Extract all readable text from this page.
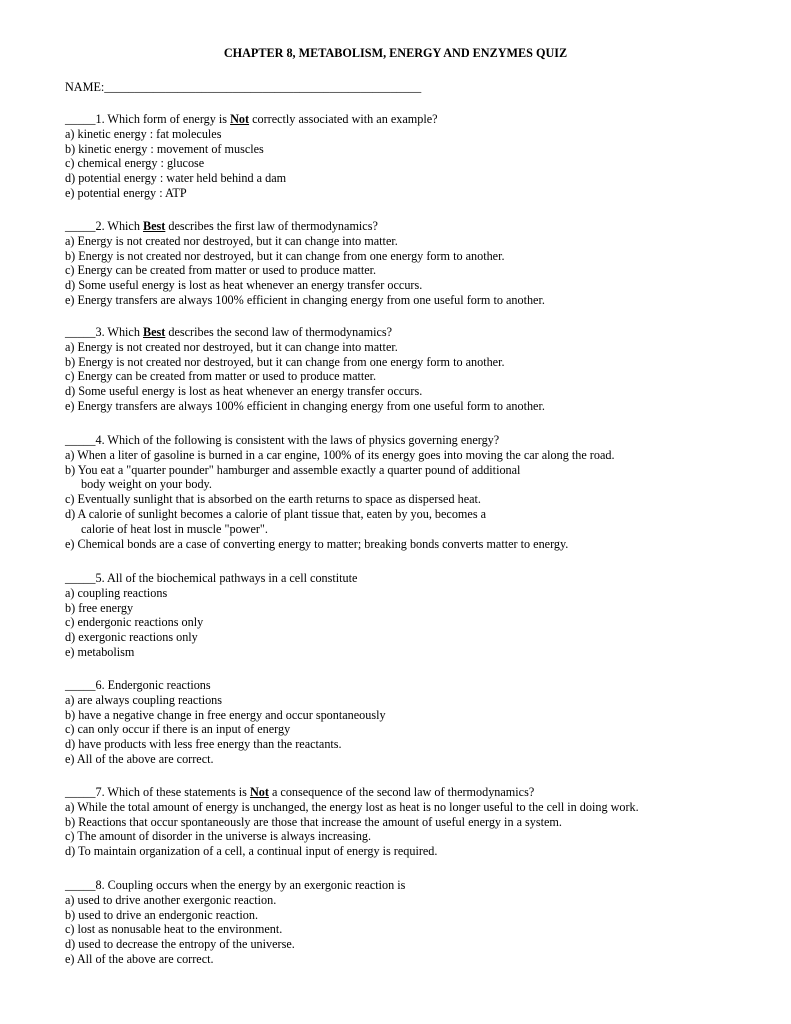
CHAPTER 8, METABOLISM, ENERGY AND ENZYMES QUIZ
NAME:____________________________________________________
_____1. Which form of energy is Not correctly associated with an example?
a) kinetic energy : fat molecules
b) kinetic energy : movement of muscles
c) chemical energy : glucose
d) potential energy : water held behind a dam
e) potential energy : ATP
_____2. Which Best describes the first law of thermodynamics?
a) Energy is not created nor destroyed, but it can change into matter.
b) Energy is not created nor destroyed, but it can change from one energy form to another.
c) Energy can be created from matter or used to produce matter.
d) Some useful energy is lost as heat whenever an energy transfer occurs.
e) Energy transfers are always 100% efficient in changing energy from one useful form to another.
_____3. Which Best describes the second law of thermodynamics?
a) Energy is not created nor destroyed, but it can change into matter.
b) Energy is not created nor destroyed, but it can change from one energy form to another.
c) Energy can be created from matter or used to produce matter.
d) Some useful energy is lost as heat whenever an energy transfer occurs.
e) Energy transfers are always 100% efficient in changing energy from one useful form to another.
_____4. Which of the following is consistent with the laws of physics governing energy?
a) When a liter of gasoline is burned in a car engine, 100% of its energy goes into moving the car along the road.
b) You eat a "quarter pounder" hamburger and assemble exactly a quarter pound of additional
body weight on your body.
c) Eventually sunlight that is absorbed on the earth returns to space as dispersed heat.
d) A calorie of sunlight becomes a calorie of plant tissue that, eaten by you, becomes a
calorie of heat lost in muscle "power".
e) Chemical bonds are a case of converting energy to matter; breaking bonds converts matter to energy.
_____5. All of the biochemical pathways in a cell constitute
a) coupling reactions
b) free energy
c) endergonic reactions only
d) exergonic reactions only
e) metabolism
_____6. Endergonic reactions
a) are always coupling reactions
b) have a negative change in free energy and occur spontaneously
c) can only occur if there is an input of energy
d) have products with less free energy than the reactants.
e) All of the above are correct.
_____7. Which of these statements is Not a consequence of the second law of thermodynamics?
a) While the total amount of energy is unchanged, the energy lost as heat is no longer useful to the cell in doing work.
b) Reactions that occur spontaneously are those that increase the amount of useful energy in a system.
c) The amount of disorder in the universe is always increasing.
d) To maintain organization of a cell, a continual input of energy is required.
_____8. Coupling occurs when the energy by an exergonic reaction is
a) used to drive another exergonic reaction.
b) used to drive an endergonic reaction.
c) lost as nonusable heat to the environment.
d) used to decrease the entropy of the universe.
e) All of the above are correct.
